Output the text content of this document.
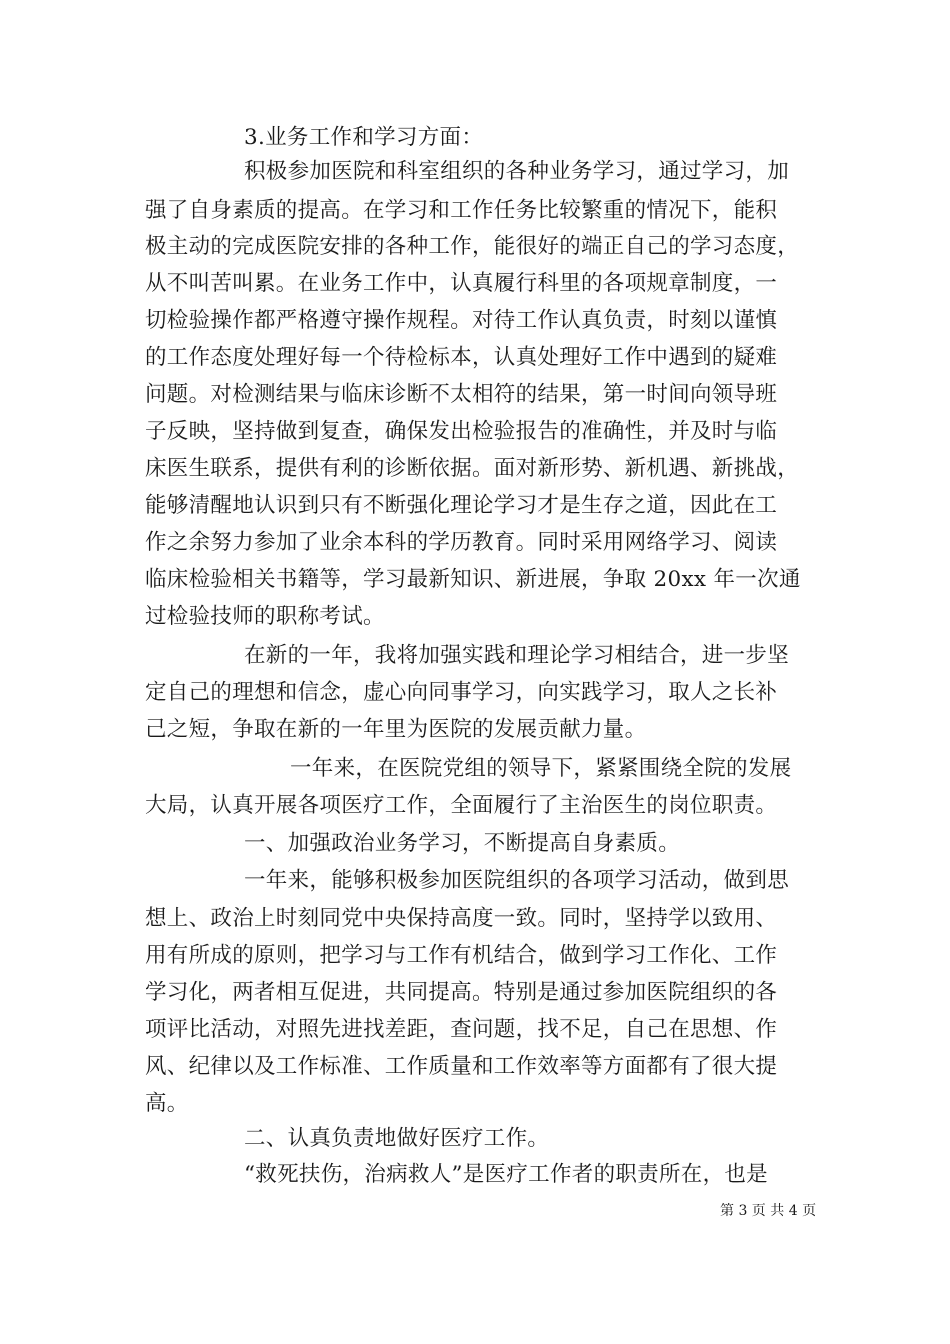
3.业务工作和学习方面：
积极参加医院和科室组织的各种业务学习，通过学习，加
强了自身素质的提高。在学习和工作任务比较繁重的情况下，能积
极主动的完成医院安排的各种工作，能很好的端正自己的学习态度，
从不叫苦叫累。在业务工作中，认真履行科里的各项规章制度，一
切检验操作都严格遵守操作规程。对待工作认真负责，时刻以谨慎
的工作态度处理好每一个待检标本，认真处理好工作中遇到的疑难
问题。对检测结果与临床诊断不太相符的结果，第一时间向领导班
子反映，坚持做到复查，确保发出检验报告的准确性，并及时与临
床医生联系，提供有利的诊断依据。面对新形势、新机遇、新挑战，
能够清醒地认识到只有不断强化理论学习才是生存之道，因此在工
作之余努力参加了业余本科的学历教育。同时采用网络学习、阅读
临床检验相关书籍等，学习最新知识、新进展，争取 20xx 年一次通
过检验技师的职称考试。
在新的一年，我将加强实践和理论学习相结合，进一步坚
定自己的理想和信念，虚心向同事学习，向实践学习，取人之长补
己之短，争取在新的一年里为医院的发展贡献力量。
一年来，在医院党组的领导下，紧紧围绕全院的发展
大局，认真开展各项医疗工作，全面履行了主治医生的岗位职责。
一、加强政治业务学习，不断提高自身素质。
一年来，能够积极参加医院组织的各项学习活动，做到思
想上、政治上时刻同党中央保持高度一致。同时，坚持学以致用、
用有所成的原则，把学习与工作有机结合，做到学习工作化、工作
学习化，两者相互促进，共同提高。特别是通过参加医院组织的各
项评比活动，对照先进找差距，查问题，找不足，自己在思想、作
风、纪律以及工作标准、工作质量和工作效率等方面都有了很大提
高。
二、认真负责地做好医疗工作。
“救死扶伤，治病救人”是医疗工作者的职责所在，也是
第 3 页 共 4 页
